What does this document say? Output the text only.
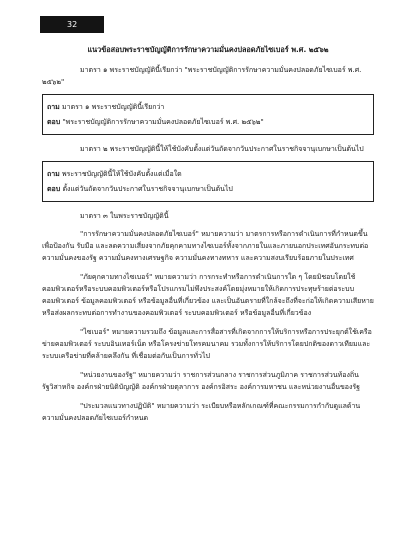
32
แนวข้อสอบพระราชบัญญัติการรักษาความมั่นคงปลอดภัยไซเบอร์ พ.ศ. ๒๕๖๒

มาตรา ๑ พระราชบัญญัตินี้เรียกว่า "พระราชบัญญัติการรักษาความมั่นคงปลอดภัยไซเบอร์ พ.ศ. ๒๕๖๒"

ถาม มาตรา ๑ พระราชบัญญัตินี้เรียกว่า
ตอบ "พระราชบัญญัติการรักษาความมั่นคงปลอดภัยไซเบอร์ พ.ศ. ๒๕๖๒"

มาตรา ๒ พระราชบัญญัตินี้ให้ใช้บังคับตั้งแต่วันถัดจากวันประกาศในราชกิจจานุเบกษาเป็นต้นไป

ถาม พระราชบัญญัตินี้ให้ใช้บังคับตั้งแต่เมื่อใด
ตอบ ตั้งแต่วันถัดจากวันประกาศในราชกิจจานุเบกษาเป็นต้นไป

มาตรา ๓ ในพระราชบัญญัตินี้

"การรักษาความมั่นคงปลอดภัยไซเบอร์" หมายความว่า มาตรการหรือการดำเนินการที่กำหนดขึ้นเพื่อป้องกัน รับมือ และลดความเสี่ยงจากภัยคุกคามทางไซเบอร์ทั้งจากภายในและภายนอกประเทศอันกระทบต่อความมั่นคงของรัฐ ความมั่นคงทางเศรษฐกิจ ความมั่นคงทางทหาร และความสงบเรียบร้อยภายในประเทศ

"ภัยคุกคามทางไซเบอร์" หมายความว่า การกระทำหรือการดำเนินการใด ๆ โดยมิชอบโดยใช้คอมพิวเตอร์หรือระบบคอมพิวเตอร์หรือโปรแกรมไม่พึงประสงค์โดยมุ่งหมายให้เกิดการประทุษร้ายต่อระบบคอมพิวเตอร์ ข้อมูลคอมพิวเตอร์ หรือข้อมูลอื่นที่เกี่ยวข้อง และเป็นอันตรายที่ใกล้จะถึงที่จะก่อให้เกิดความเสียหายหรือส่งผลกระทบต่อการทำงานของคอมพิวเตอร์ ระบบคอมพิวเตอร์ หรือข้อมูลอื่นที่เกี่ยวข้อง

"ไซเบอร์" หมายความรวมถึง ข้อมูลและการสื่อสารที่เกิดจากการให้บริการหรือการประยุกต์ใช้เครือข่ายคอมพิวเตอร์ ระบบอินเทอร์เน็ต หรือโครงข่ายโทรคมนาคม รวมทั้งการให้บริการโดยปกติของดาวเทียมและระบบเครือข่ายที่คล้ายคลึงกัน ที่เชื่อมต่อกันเป็นการทั่วไป

"หน่วยงานของรัฐ" หมายความว่า ราชการส่วนกลาง ราชการส่วนภูมิภาค ราชการส่วนท้องถิ่น รัฐวิสาหกิจ องค์กรฝ่ายนิติบัญญัติ องค์กรฝ่ายตุลาการ องค์กรอิสระ องค์การมหาชน และหน่วยงานอื่นของรัฐ

"ประมวลแนวทางปฏิบัติ" หมายความว่า ระเบียบหรือหลักเกณฑ์ที่คณะกรรมการกำกับดูแลด้านความมั่นคงปลอดภัยไซเบอร์กำหนด
